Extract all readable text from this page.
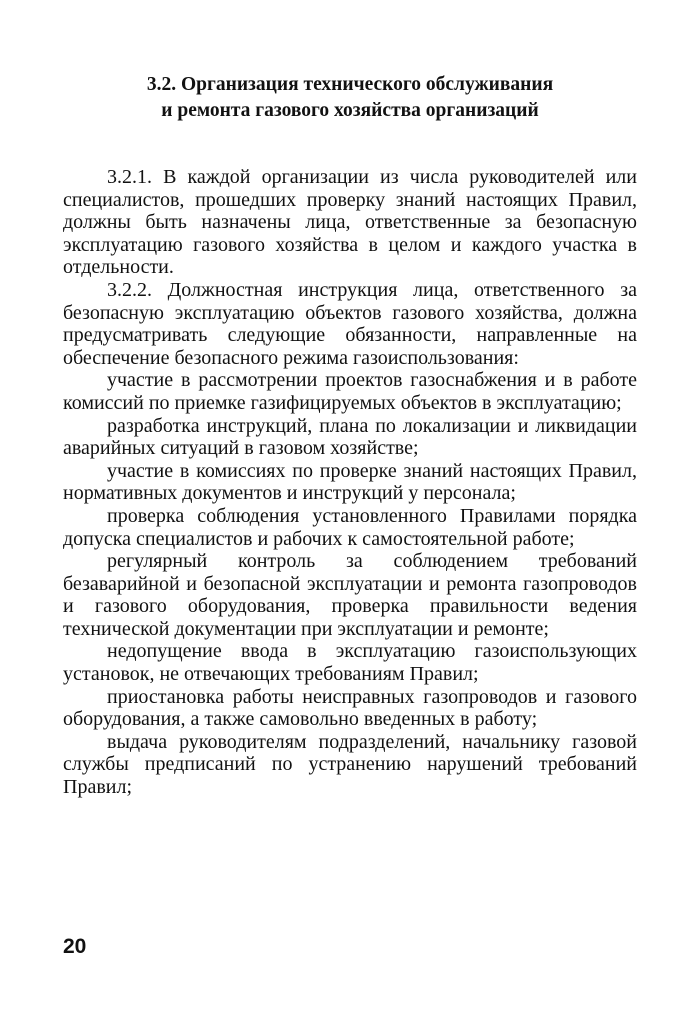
3.2. Организация технического обслуживания
и ремонта газового хозяйства организаций

3.2.1. В каждой организации из числа руководителей или специалистов, прошедших проверку знаний настоящих Правил, должны быть назначены лица, ответственные за безопасную эксплуатацию газового хозяйства в целом и каждого участка в отдельности.

3.2.2. Должностная инструкция лица, ответственного за безопасную эксплуатацию объектов газового хозяйства, должна предусматривать следующие обязанности, направленные на обеспечение безопасного режима газоиспользования:

участие в рассмотрении проектов газоснабжения и в работе комиссий по приемке газифицируемых объектов в эксплуатацию;

разработка инструкций, плана по локализации и ликвидации аварийных ситуаций в газовом хозяйстве;

участие в комиссиях по проверке знаний настоящих Правил, нормативных документов и инструкций у персонала;

проверка соблюдения установленного Правилами порядка допуска специалистов и рабочих к самостоятельной работе;

регулярный контроль за соблюдением требований безаварийной и безопасной эксплуатации и ремонта газопроводов и газового оборудования, проверка правильности ведения технической документации при эксплуатации и ремонте;

недопущение ввода в эксплуатацию газоиспользующих установок, не отвечающих требованиям Правил;

приостановка работы неисправных газопроводов и газового оборудования, а также самовольно введенных в работу;

выдача руководителям подразделений, начальнику газовой службы предписаний по устранению нарушений требований Правил;

20
